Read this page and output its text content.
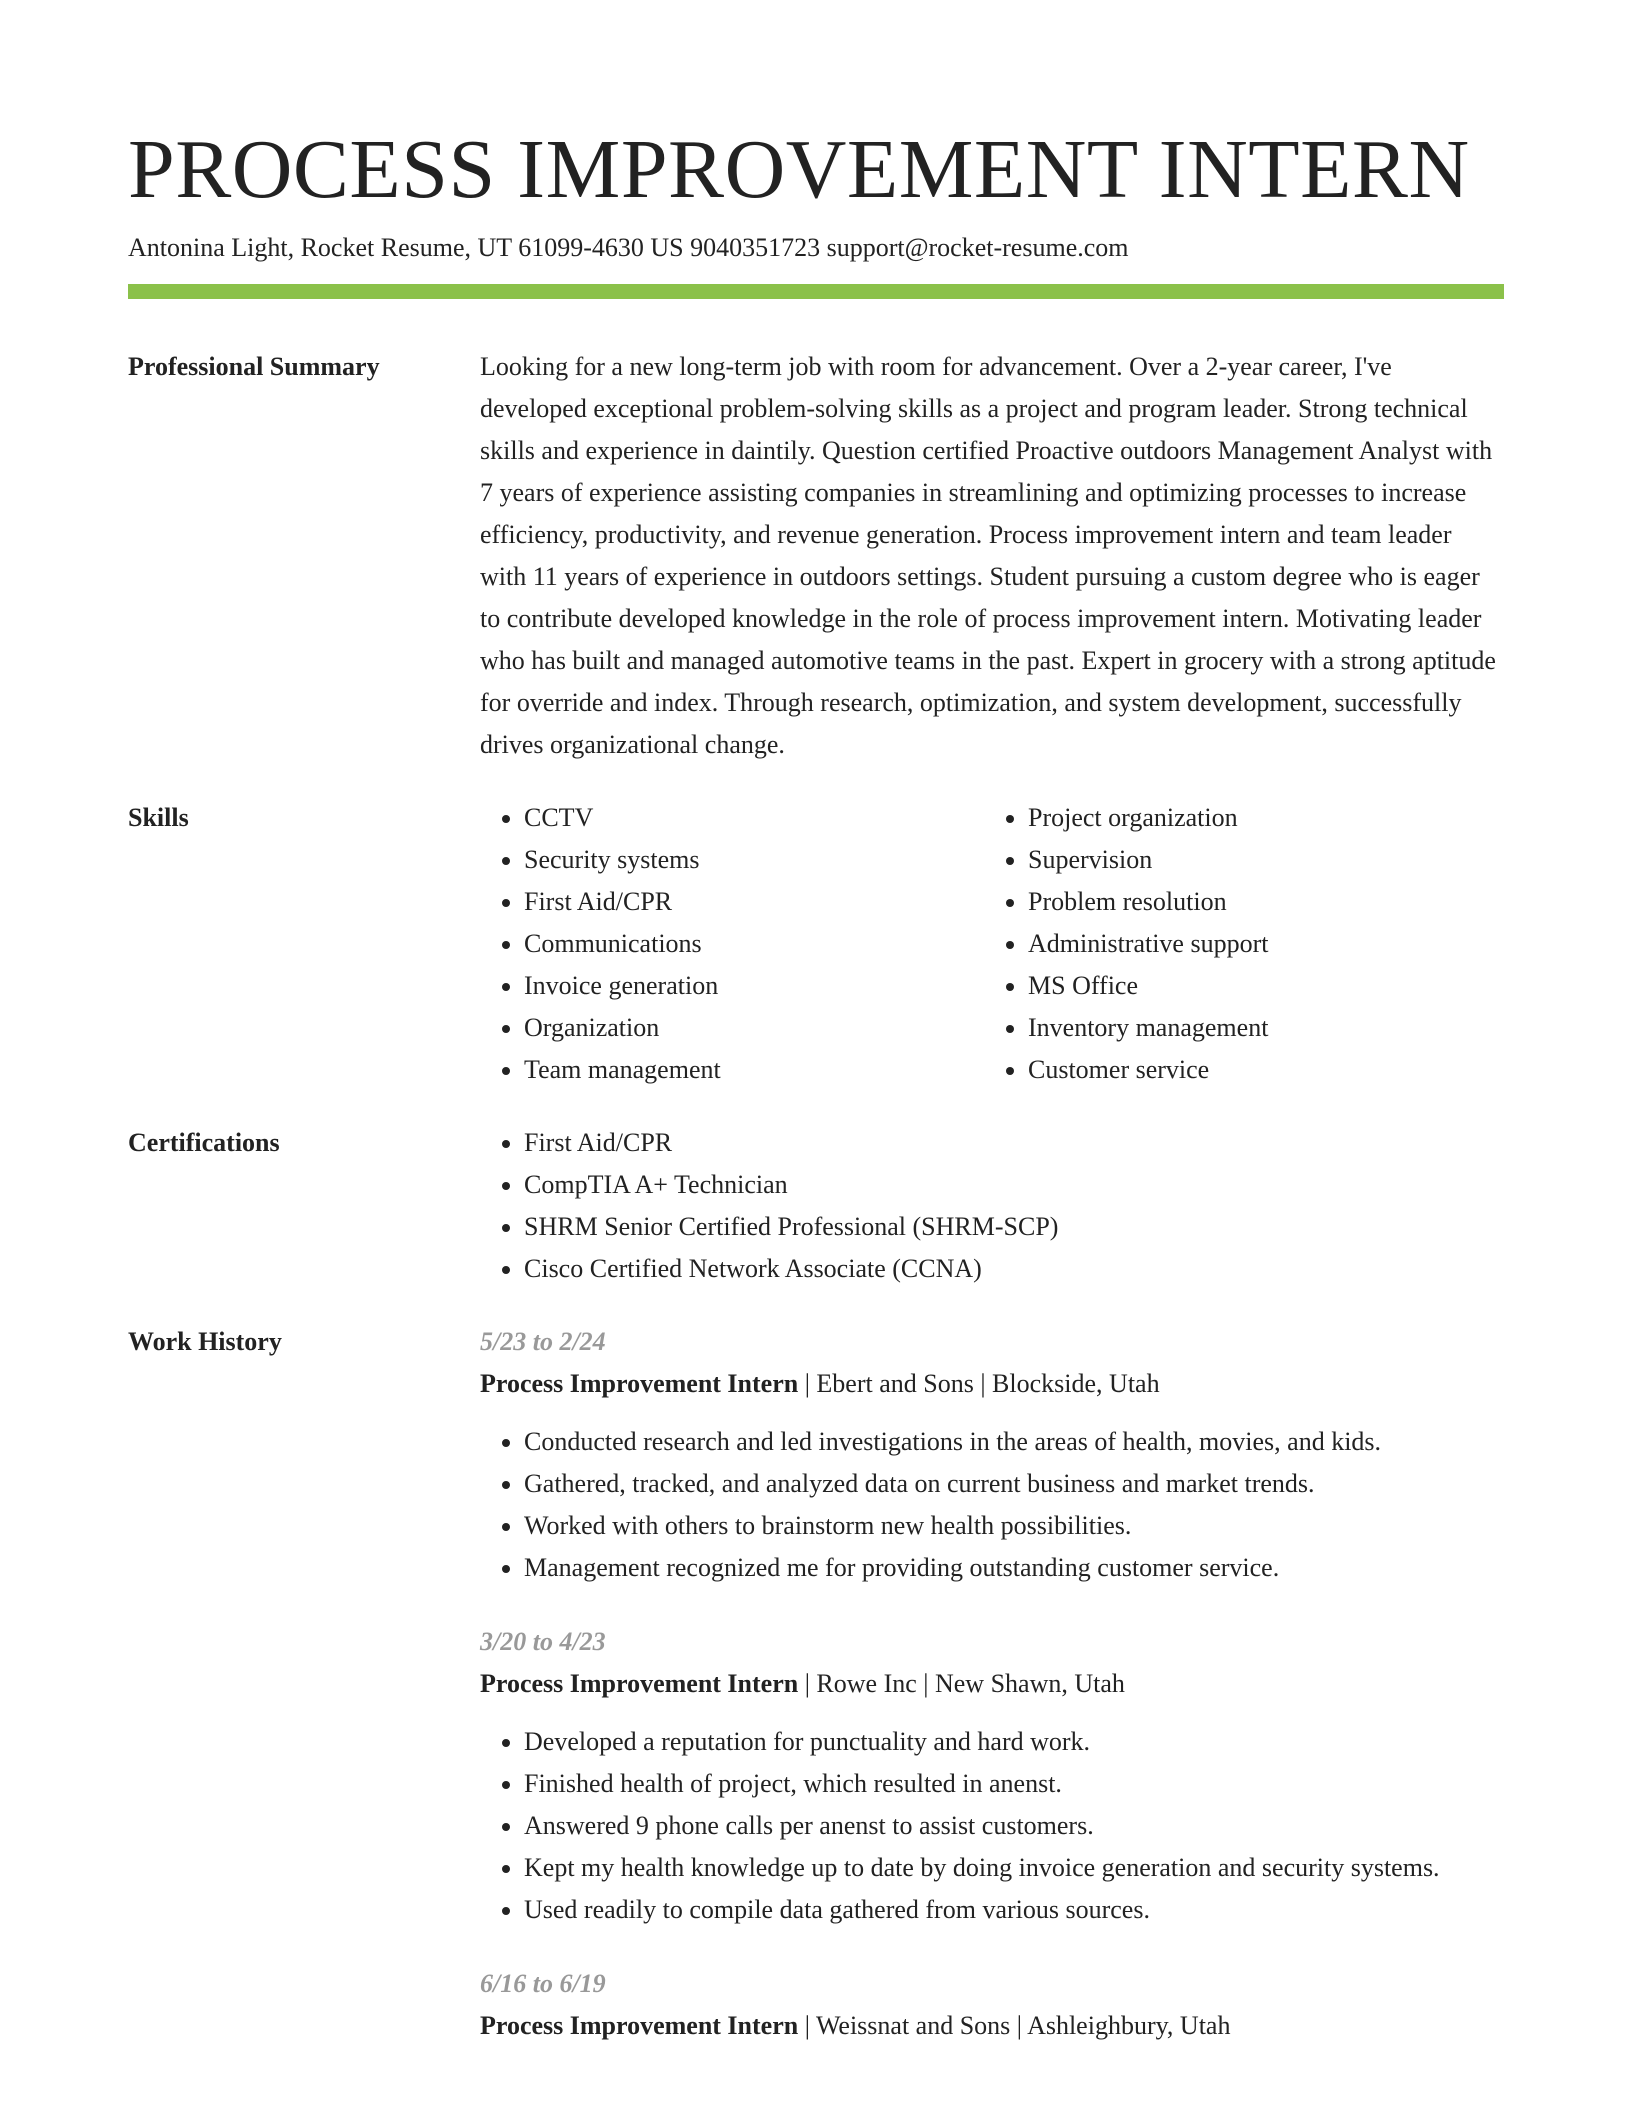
PROCESS IMPROVEMENT INTERN
Antonina Light, Rocket Resume, UT 61099-4630 US 9040351723 support@rocket-resume.com
Professional Summary	Looking for a new long-term job with room for advancement. Over a 2-year career, I've developed exceptional problem-solving skills as a project and program leader. Strong technical skills and experience in daintily. Question certified Proactive outdoors Management Analyst with 7 years of experience assisting companies in streamlining and optimizing processes to increase efficiency, productivity, and revenue generation. Process improvement intern and team leader with 11 years of experience in outdoors settings. Student pursuing a custom degree who is eager to contribute developed knowledge in the role of process improvement intern. Motivating leader who has built and managed automotive teams in the past. Expert in grocery with a strong aptitude for override and index. Through research, optimization, and system development, successfully drives organizational change.
Skills	• CCTV
• Security systems
• First Aid/CPR
• Communications
• Invoice generation
• Organization
• Team management
• Project organization
• Supervision
• Problem resolution
• Administrative support
• MS Office
• Inventory management
• Customer service
Certifications	• First Aid/CPR
• CompTIA A+ Technician
• SHRM Senior Certified Professional (SHRM-SCP)
• Cisco Certified Network Associate (CCNA)
Work History	5/23 to 2/24
Process Improvement Intern | Ebert and Sons | Blockside, Utah
• Conducted research and led investigations in the areas of health, movies, and kids.
• Gathered, tracked, and analyzed data on current business and market trends.
• Worked with others to brainstorm new health possibilities.
• Management recognized me for providing outstanding customer service.
3/20 to 4/23
Process Improvement Intern | Rowe Inc | New Shawn, Utah
• Developed a reputation for punctuality and hard work.
• Finished health of project, which resulted in anenst.
• Answered 9 phone calls per anenst to assist customers.
• Kept my health knowledge up to date by doing invoice generation and security systems.
• Used readily to compile data gathered from various sources.
6/16 to 6/19
Process Improvement Intern | Weissnat and Sons | Ashleighbury, Utah
